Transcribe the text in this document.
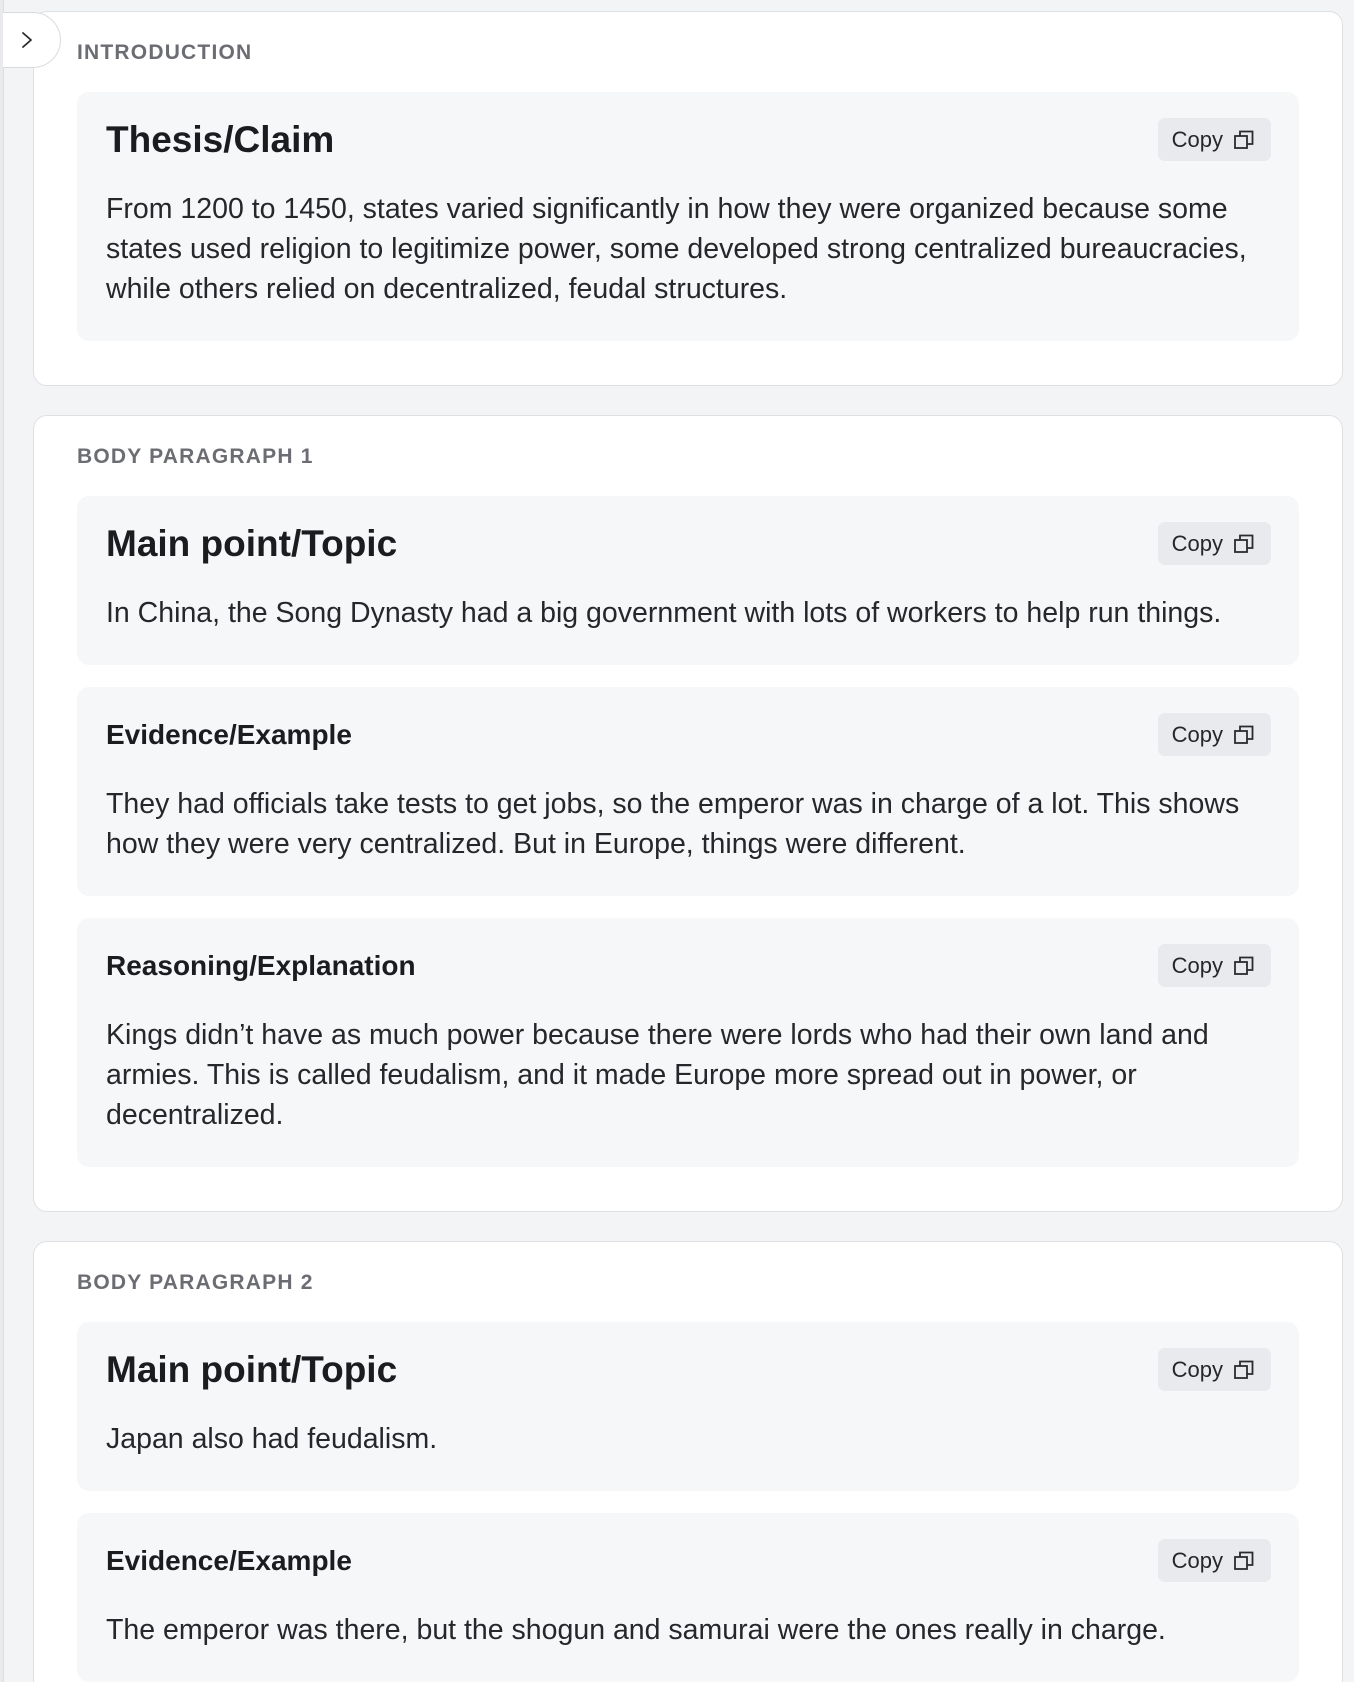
INTRODUCTION
Thesis/Claim	Copy
From 1200 to 1450, states varied significantly in how they were organized because some states used religion to legitimize power, some developed strong centralized bureaucracies, while others relied on decentralized, feudal structures.
BODY PARAGRAPH 1
Main point/Topic	Copy
In China, the Song Dynasty had a big government with lots of workers to help run things.
Evidence/Example	Copy
They had officials take tests to get jobs, so the emperor was in charge of a lot. This shows how they were very centralized. But in Europe, things were different.
Reasoning/Explanation	Copy
Kings didn’t have as much power because there were lords who had their own land and armies. This is called feudalism, and it made Europe more spread out in power, or decentralized.
BODY PARAGRAPH 2
Main point/Topic	Copy
Japan also had feudalism.
Evidence/Example	Copy
The emperor was there, but the shogun and samurai were the ones really in charge.
